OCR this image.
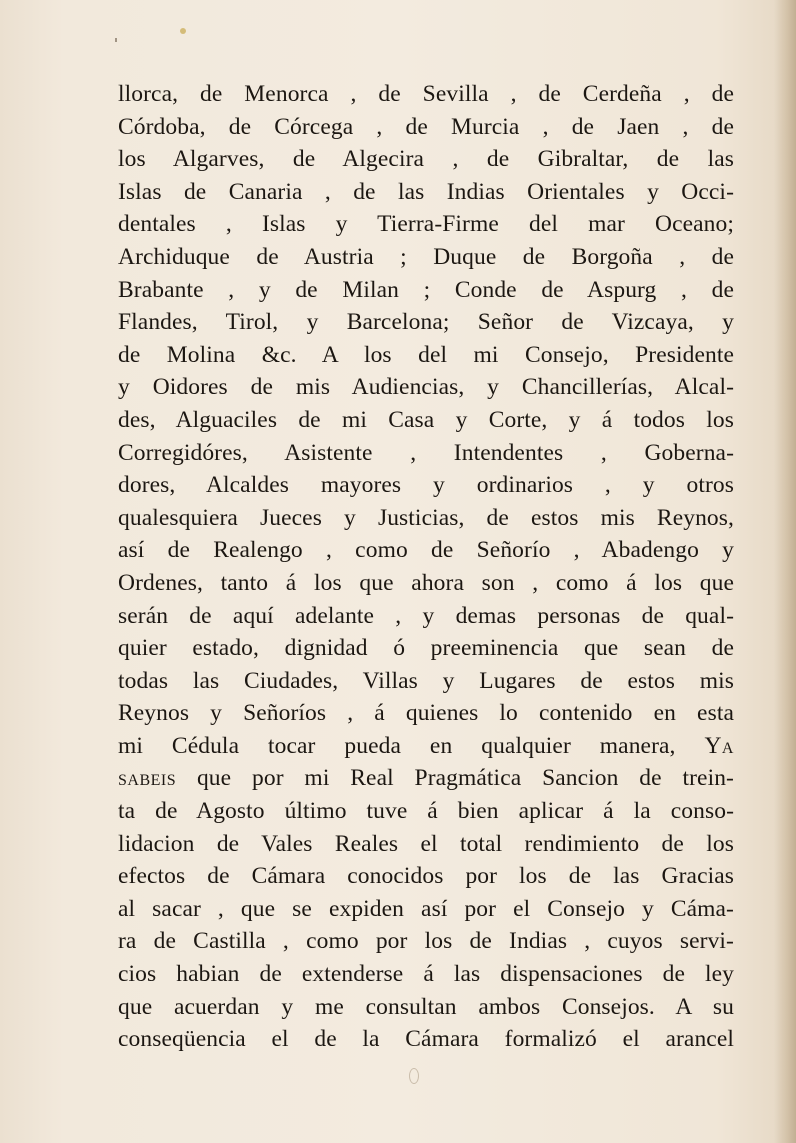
llorca, de Menorca , de Sevilla , de Cerdeña , de
Córdoba, de Córcega , de Murcia , de Jaen , de
los Algarves, de Algecira , de Gibraltar, de las
Islas de Canaria , de las Indias Orientales y Occi-
dentales , Islas y Tierra-Firme del mar Oceano;
Archiduque de Austria ; Duque de Borgoña , de
Brabante , y de Milan ; Conde de Aspurg , de
Flandes, Tirol, y Barcelona; Señor de Vizcaya, y
de Molina &c. A los del mi Consejo, Presidente
y Oidores de mis Audiencias, y Chancillerías, Alcal-
des, Alguaciles de mi Casa y Corte, y á todos los
Corregidóres, Asistente , Intendentes , Goberna-
dores, Alcaldes mayores y ordinarios , y otros
qualesquiera Jueces y Justicias, de estos mis Reynos,
así de Realengo , como de Señorío , Abadengo y
Ordenes, tanto á los que ahora son , como á los que
serán de aquí adelante , y demas personas de qual-
quier estado, dignidad ó preeminencia que sean de
todas las Ciudades, Villas y Lugares de estos mis
Reynos y Señoríos , á quienes lo contenido en esta
mi Cédula tocar pueda en qualquier manera, Ya
sabeis que por mi Real Pragmática Sancion de trein-
ta de Agosto último tuve á bien aplicar á la conso-
lidacion de Vales Reales el total rendimiento de los
efectos de Cámara conocidos por los de las Gracias
al sacar , que se expiden así por el Consejo y Cáma-
ra de Castilla , como por los de Indias , cuyos servi-
cios habian de extenderse á las dispensaciones de ley
que acuerdan y me consultan ambos Consejos. A su
conseqüencia el de la Cámara formalizó el arancel
